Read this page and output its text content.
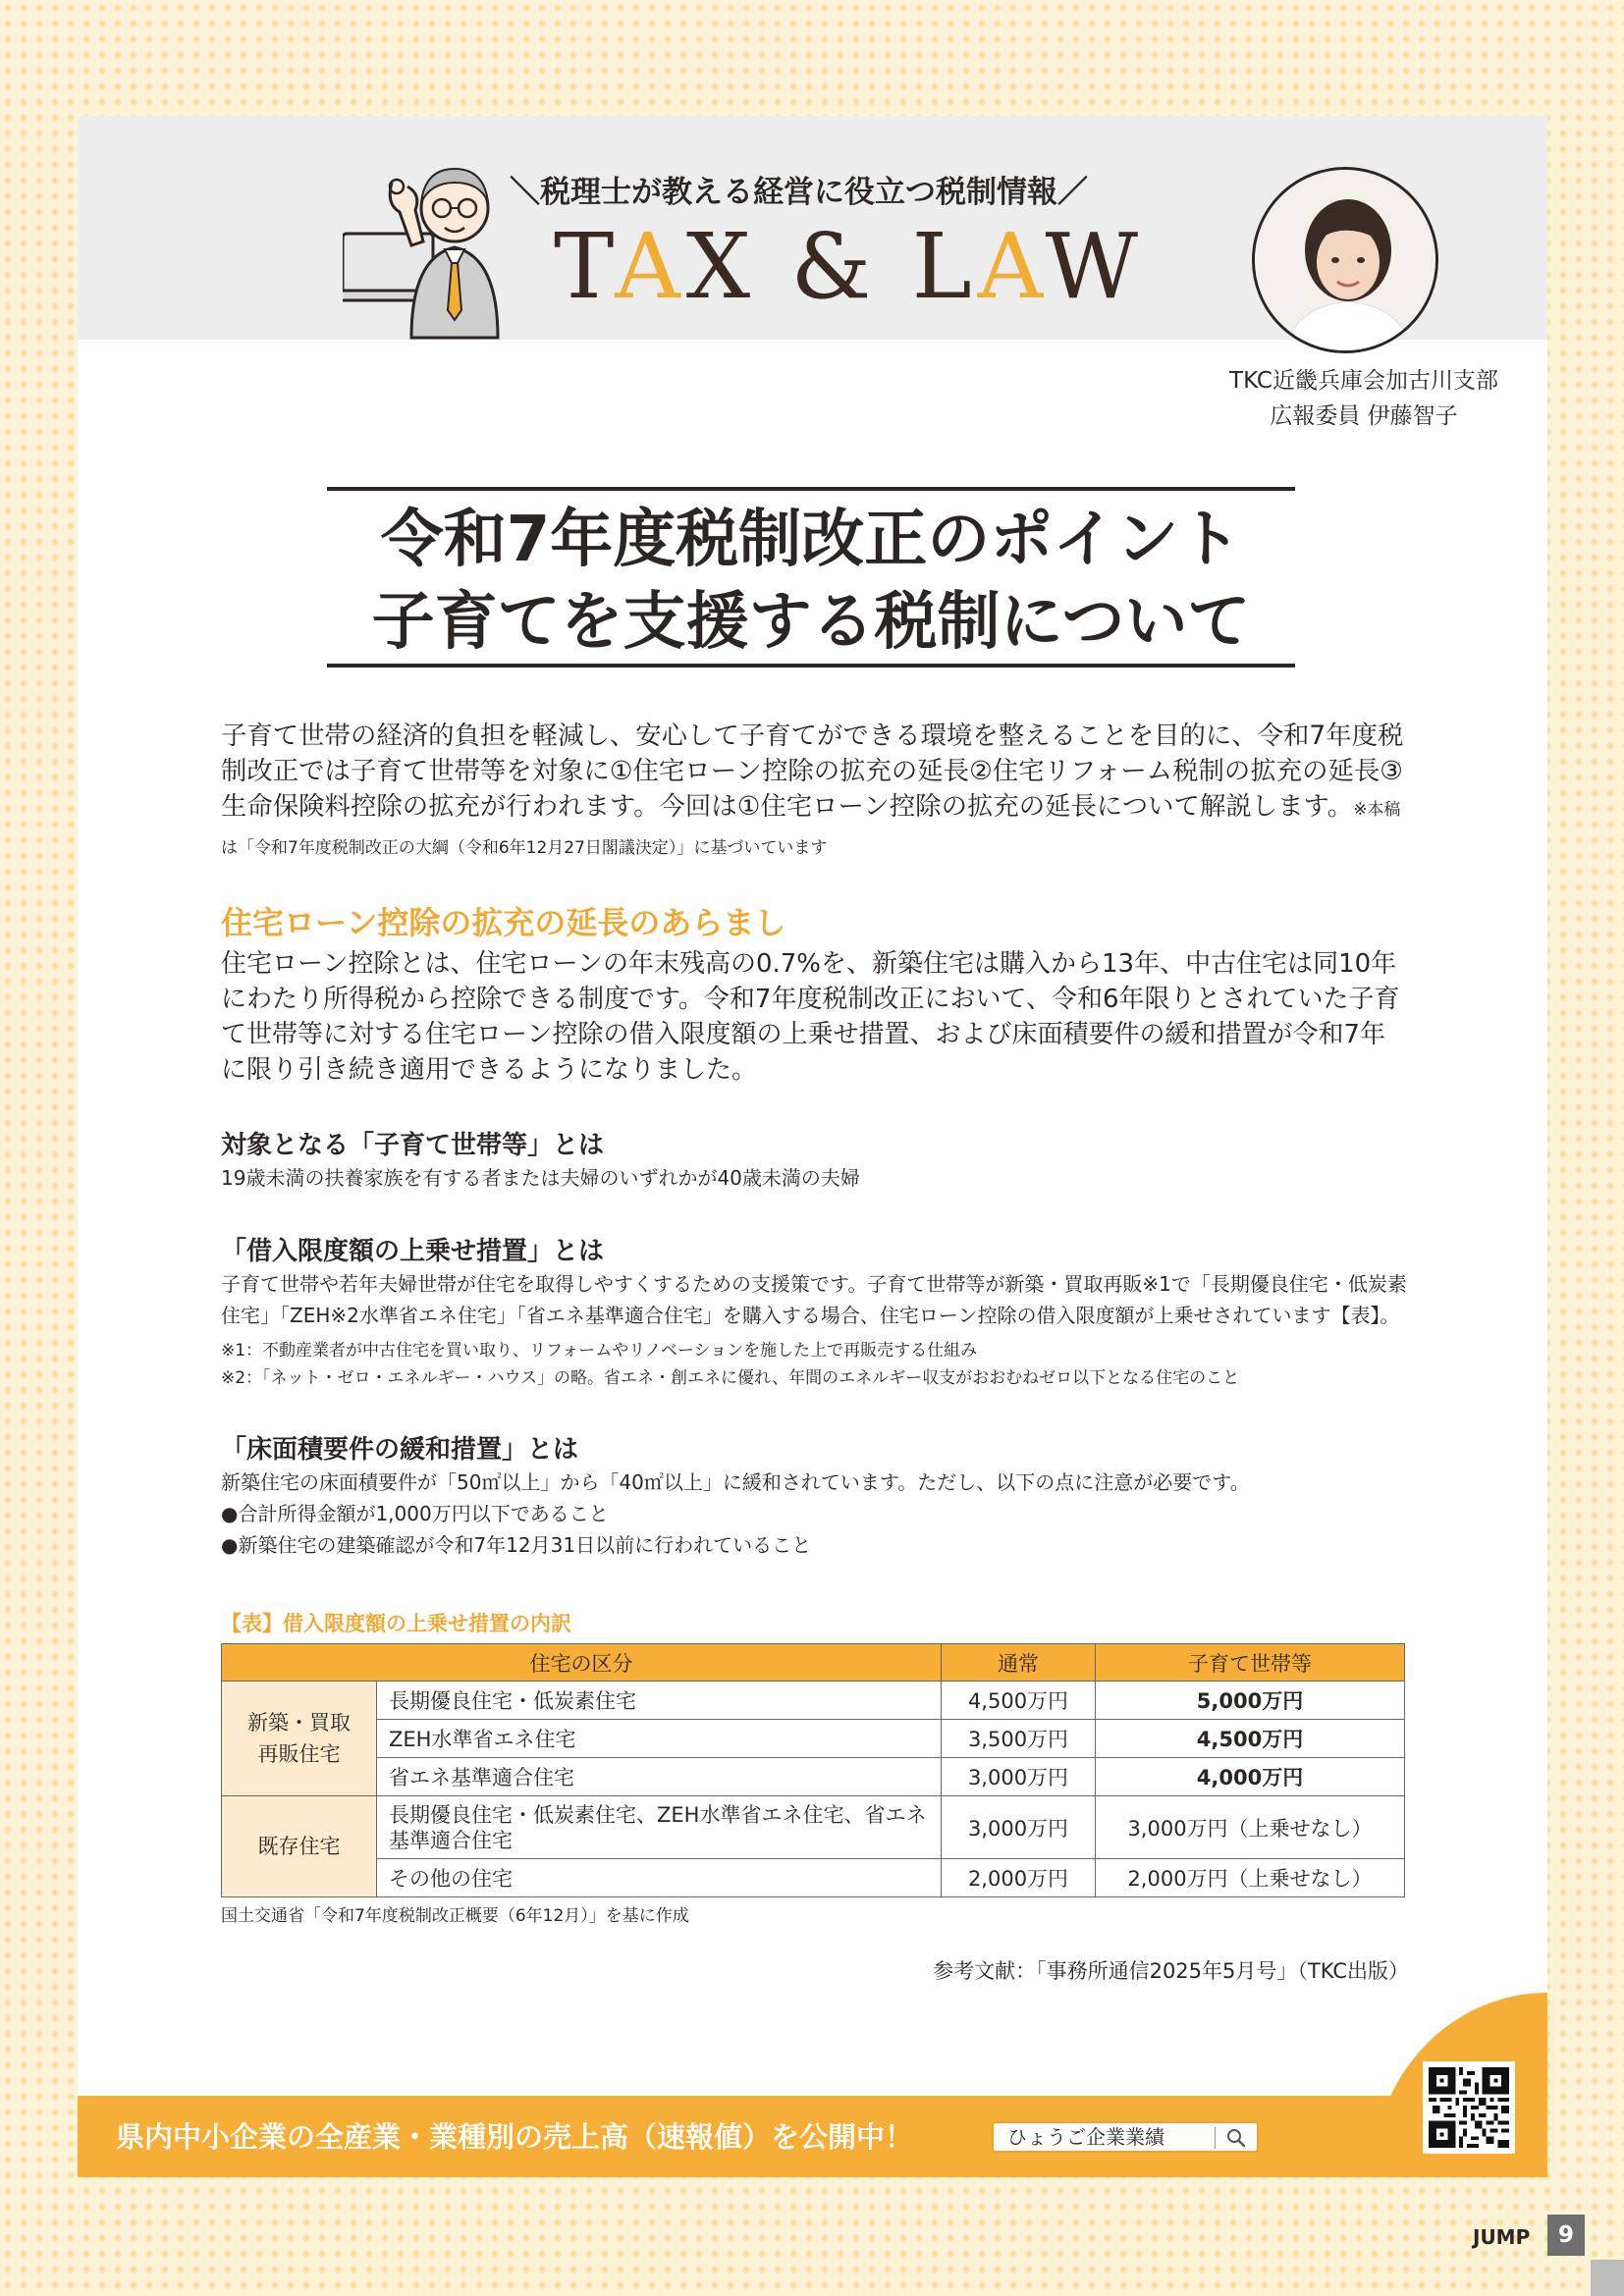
＼税理士が教える経営に役立つ税制情報／
TAX & LAW
TKC近畿兵庫会加古川支部
広報委員 伊藤智子
令和7年度税制改正のポイント
子育てを支援する税制について

子育て世帯の経済的負担を軽減し、安心して子育てができる環境を整えることを目的に、令和7年度税制改正では子育て世帯等を対象に①住宅ローン控除の拡充の延長②住宅リフォーム税制の拡充の延長③生命保険料控除の拡充が行われます。今回は①住宅ローン控除の拡充の延長について解説します。※本稿は「令和7年度税制改正の大綱（令和6年12月27日閣議決定）」に基づいています

住宅ローン控除の拡充の延長のあらまし

住宅ローン控除とは、住宅ローンの年末残高の0.7%を、新築住宅は購入から13年、中古住宅は同10年にわたり所得税から控除できる制度です。令和7年度税制改正において、令和6年限りとされていた子育て世帯等に対する住宅ローン控除の借入限度額の上乗せ措置、および床面積要件の緩和措置が令和7年に限り引き続き適用できるようになりました。

対象となる「子育て世帯等」とは

19歳未満の扶養家族を有する者または夫婦のいずれかが40歳未満の夫婦

「借入限度額の上乗せ措置」とは

子育て世帯や若年夫婦世帯が住宅を取得しやすくするための支援策です。子育て世帯等が新築・買取再販※1で「長期優良住宅・低炭素住宅」「ZEH※2水準省エネ住宅」「省エネ基準適合住宅」を購入する場合、住宅ローン控除の借入限度額が上乗せされています【表】。

※1：不動産業者が中古住宅を買い取り、リフォームやリノベーションを施した上で再販売する仕組み

※2：「ネット・ゼロ・エネルギー・ハウス」の略。省エネ・創エネに優れ、年間のエネルギー収支がおおむねゼロ以下となる住宅のこと

「床面積要件の緩和措置」とは

新築住宅の床面積要件が「50㎡以上」から「40㎡以上」に緩和されています。ただし、以下の点に注意が必要です。

●合計所得金額が1,000万円以下であること

●新築住宅の建築確認が令和7年12月31日以前に行われていること

【表】借入限度額の上乗せ措置の内訳
住宅の区分		通常	子育て世帯等
新築・買取
再販住宅	長期優良住宅・低炭素住宅	4,500万円	5,000万円
	ZEH水準省エネ住宅	3,500万円	4,500万円
	省エネ基準適合住宅	3,000万円	4,000万円
既存住宅	長期優良住宅・低炭素住宅、ZEH水準省エネ住宅、省エネ基準適合住宅	3,000万円	3,000万円（上乗せなし）
	その他の住宅	2,000万円	2,000万円（上乗せなし）

国土交通省「令和7年度税制改正概要（6年12月）」を基に作成

参考文献：「事務所通信2025年5月号」（TKC出版）

県内中小企業の全産業・業種別の売上高（速報値）を公開中！	ひょうご企業業績
JUMP	9
